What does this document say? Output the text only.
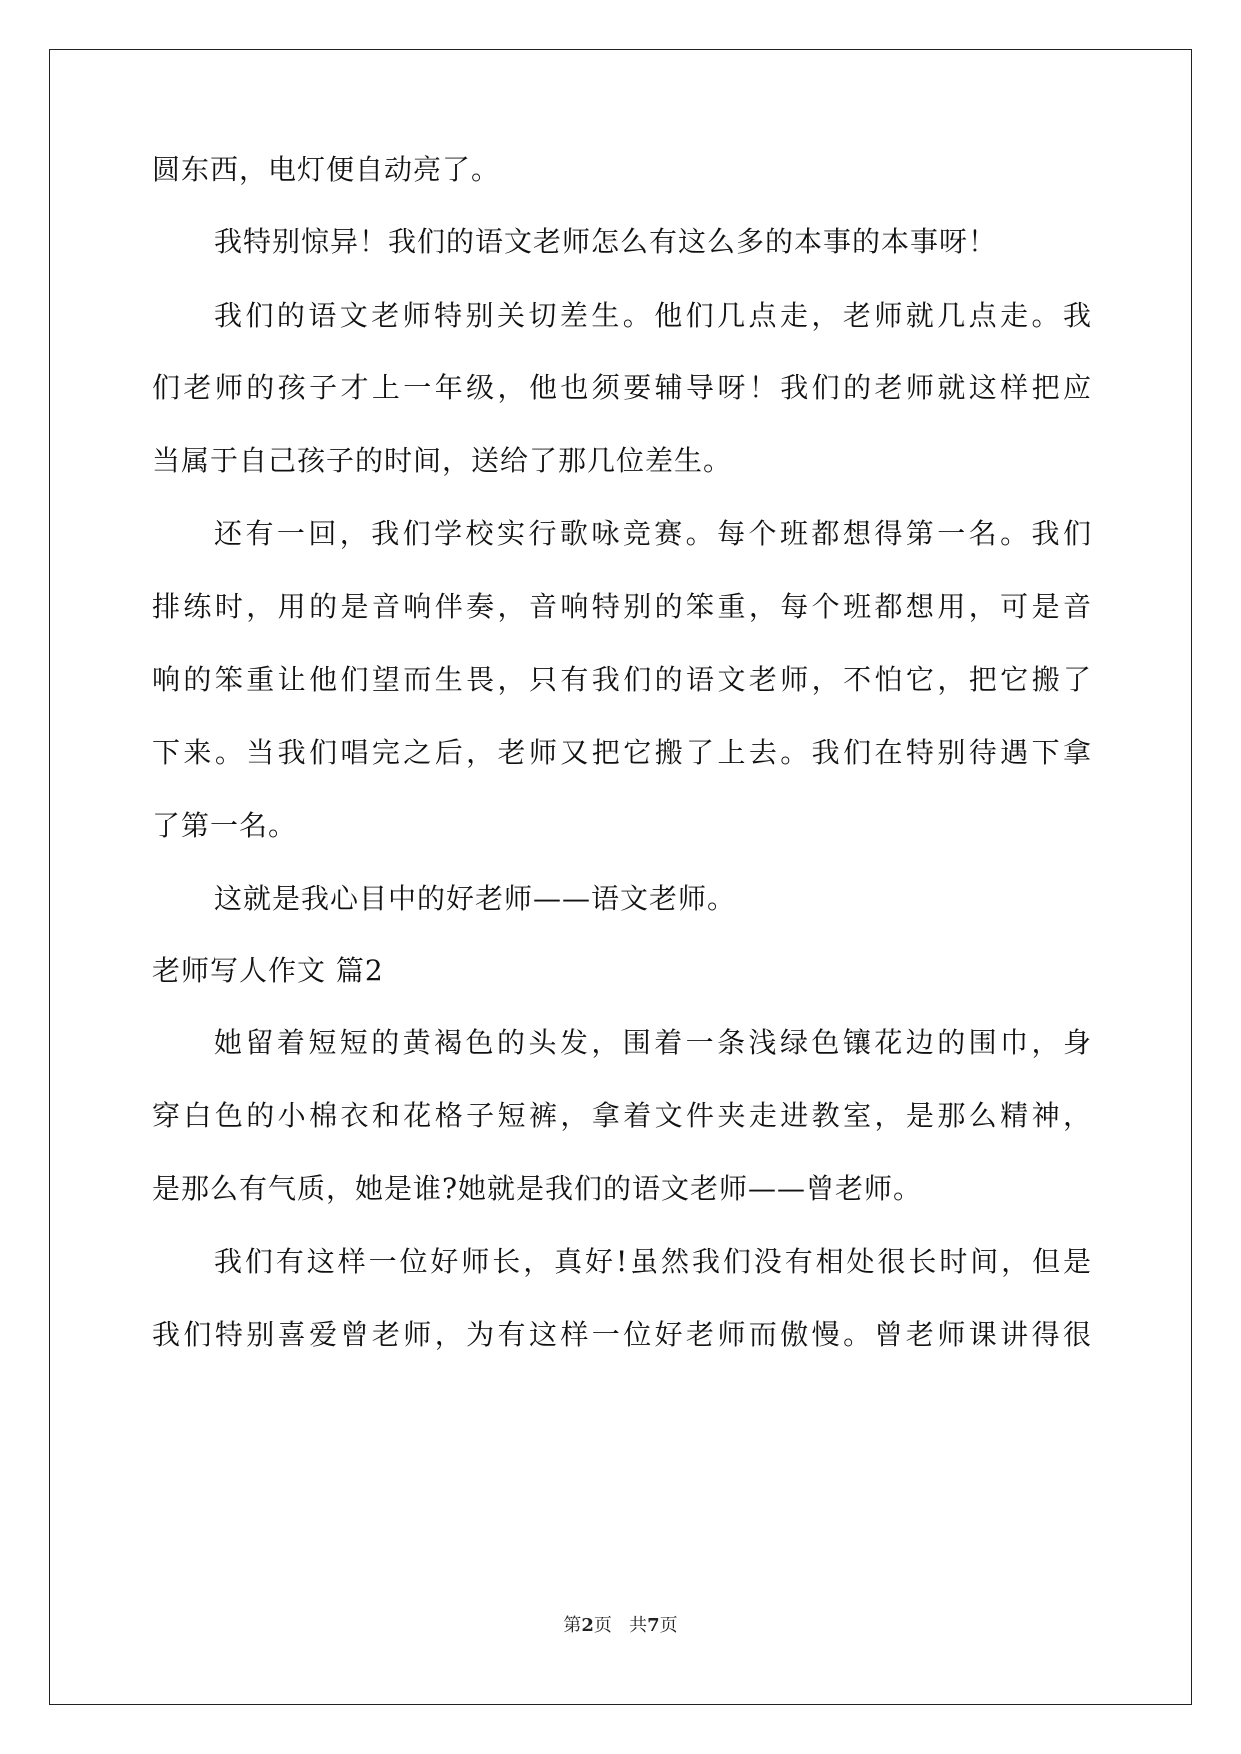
圆东西，电灯便自动亮了。
我特别惊异！我们的语文老师怎么有这么多的本事的本事呀！
我们的语文老师特别关切差生。他们几点走，老师就几点走。我
们老师的孩子才上一年级，他也须要辅导呀！我们的老师就这样把应
当属于自己孩子的时间，送给了那几位差生。
还有一回，我们学校实行歌咏竞赛。每个班都想得第一名。我们
排练时，用的是音响伴奏，音响特别的笨重，每个班都想用，可是音
响的笨重让他们望而生畏，只有我们的语文老师，不怕它，把它搬了
下来。当我们唱完之后，老师又把它搬了上去。我们在特别待遇下拿
了第一名。
这就是我心目中的好老师——语文老师。
老师写人作文 篇2
她留着短短的黄褐色的头发，围着一条浅绿色镶花边的围巾，身
穿白色的小棉衣和花格子短裤，拿着文件夹走进教室，是那么精神，
是那么有气质，她是谁?她就是我们的语文老师——曾老师。
我们有这样一位好师长，真好!虽然我们没有相处很长时间，但是
我们特别喜爱曾老师，为有这样一位好老师而傲慢。曾老师课讲得很
第2页 共7页
